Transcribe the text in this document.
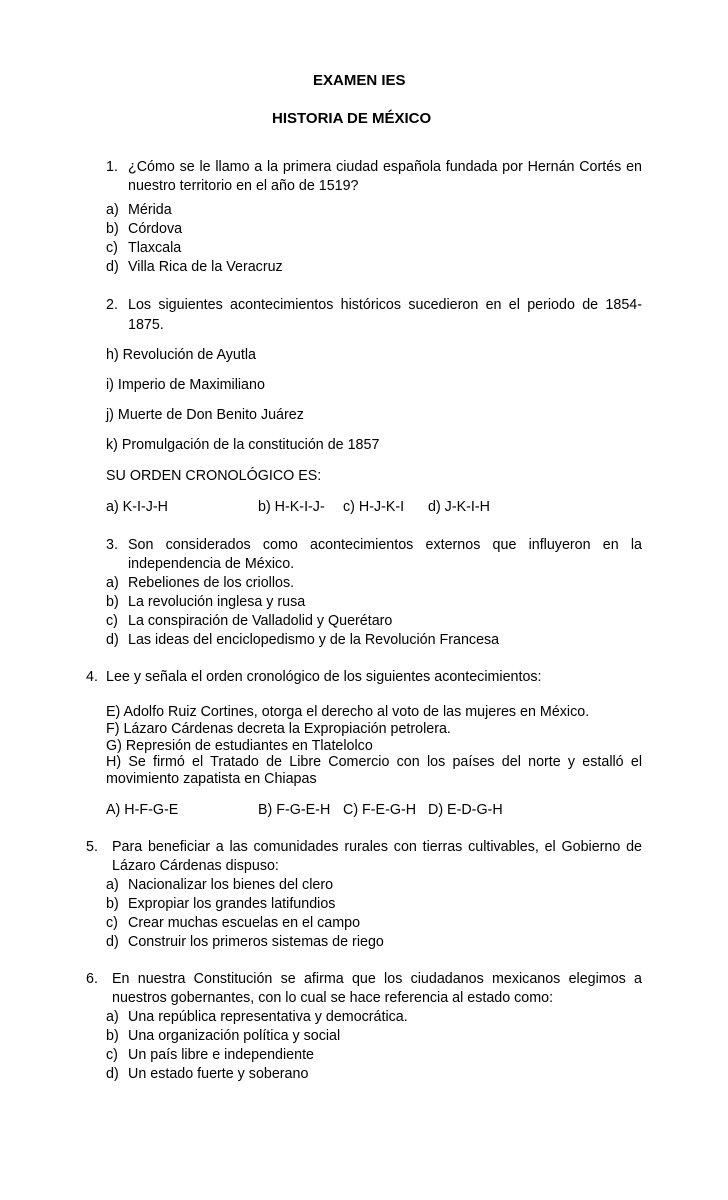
EXAMEN IES
HISTORIA DE MÉXICO
1. ¿Cómo se le llamo a la primera ciudad española fundada por Hernán Cortés en
nuestro territorio en el año de 1519?
a) Mérida
b) Córdova
c) Tlaxcala
d) Villa Rica de la Veracruz
2. Los siguientes acontecimientos históricos sucedieron en el periodo de 1854-
1875.
h) Revolución de Ayutla
i) Imperio de Maximiliano
j) Muerte de Don Benito Juárez
k) Promulgación de la constitución de 1857
SU ORDEN CRONOLÓGICO ES:
a) K-I-J-H	b) H-K-I-J- c) H-J-K-I d) J-K-I-H
3. Son considerados como acontecimientos externos que influyeron en la
independencia de México.
a) Rebeliones de los criollos.
b) La revolución inglesa y rusa
c) La conspiración de Valladolid y Querétaro
d) Las ideas del enciclopedismo y de la Revolución Francesa
4. Lee y señala el orden cronológico de los siguientes acontecimientos:
E) Adolfo Ruiz Cortines, otorga el derecho al voto de las mujeres en México.
F) Lázaro Cárdenas decreta la Expropiación petrolera.
G) Represión de estudiantes en Tlatelolco
H) Se firmó el Tratado de Libre Comercio con los países del norte y estalló el
movimiento zapatista en Chiapas
A) H-F-G-E	B) F-G-E-H C) F-E-G-H D) E-D-G-H
5. Para beneficiar a las comunidades rurales con tierras cultivables, el Gobierno de
Lázaro Cárdenas dispuso:
a) Nacionalizar los bienes del clero
b) Expropiar los grandes latifundios
c) Crear muchas escuelas en el campo
d) Construir los primeros sistemas de riego
6. En nuestra Constitución se afirma que los ciudadanos mexicanos elegimos a
nuestros gobernantes, con lo cual se hace referencia al estado como:
a) Una república representativa y democrática.
b) Una organización política y social
c) Un país libre e independiente
d) Un estado fuerte y soberano
